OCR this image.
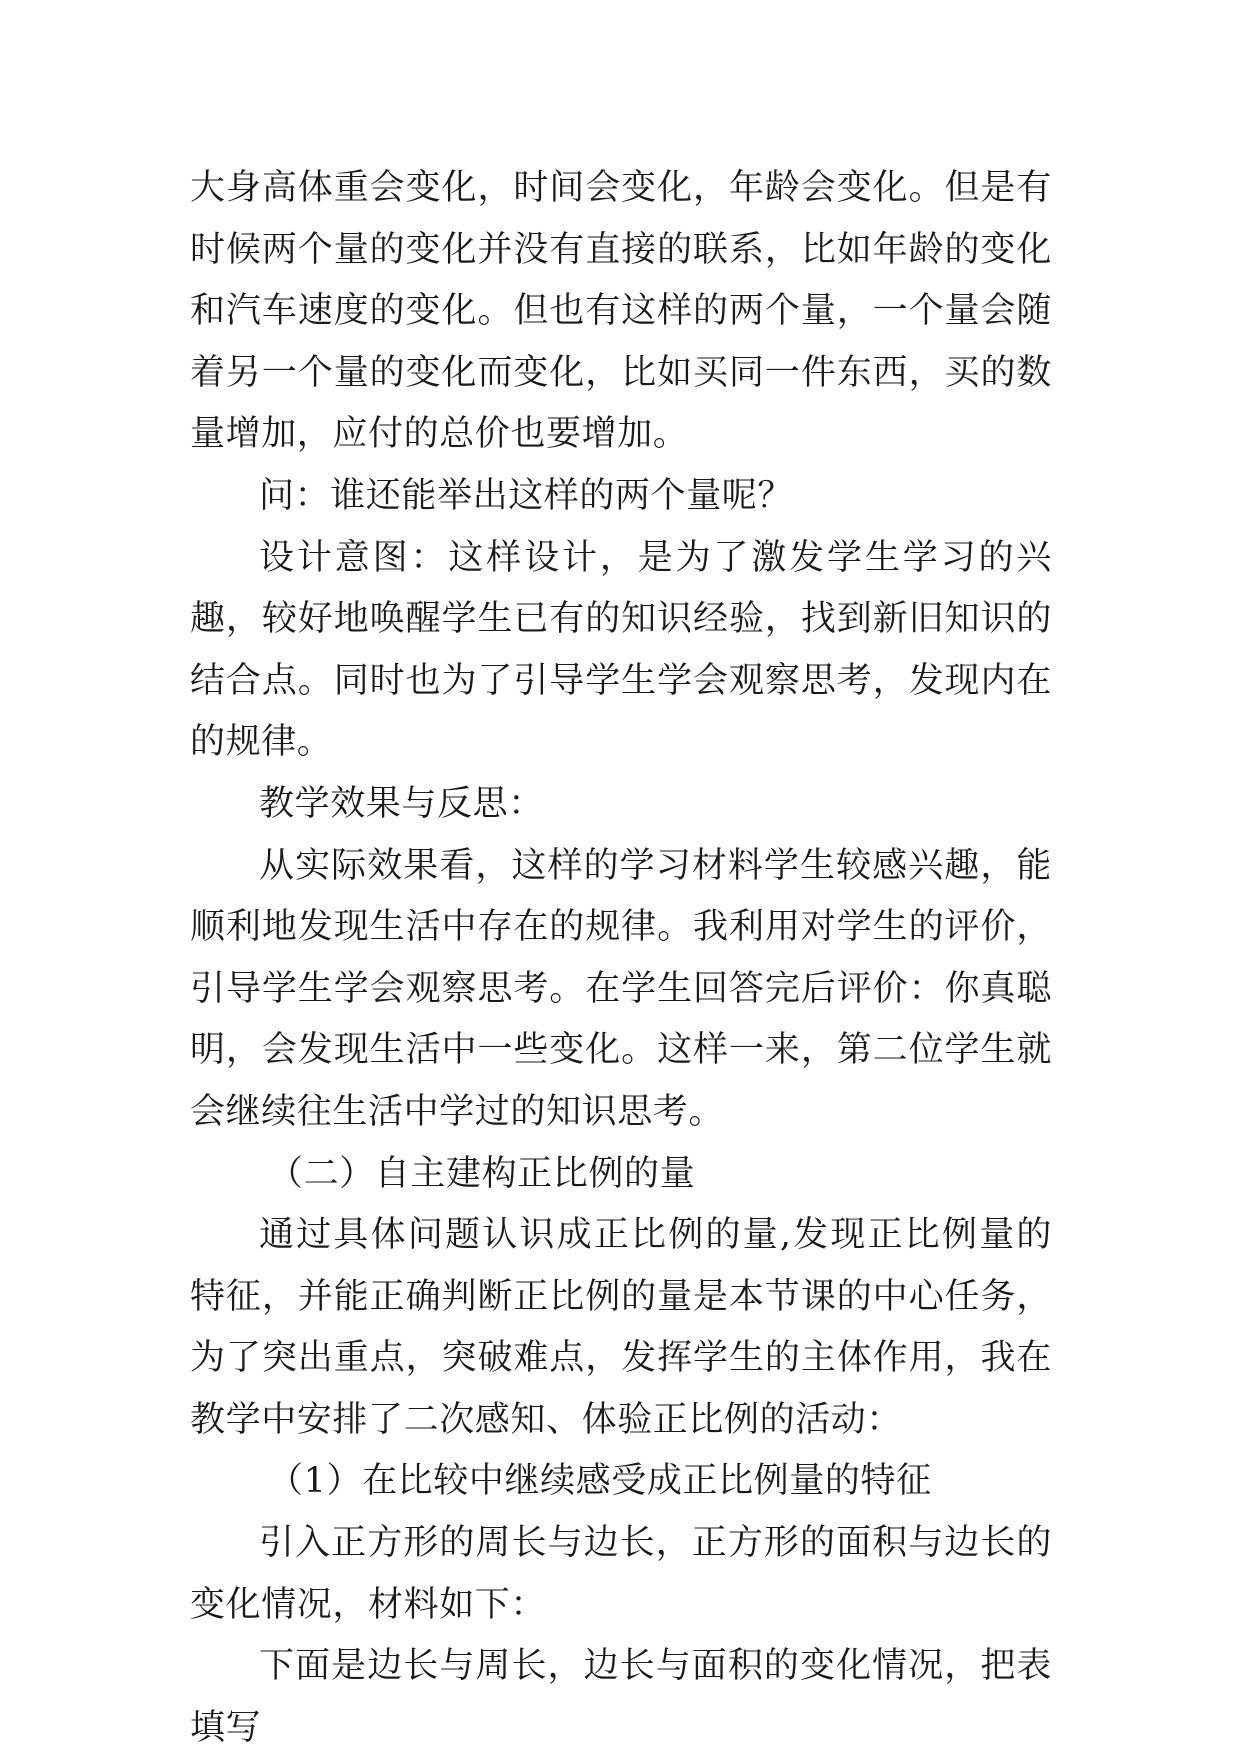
大身高体重会变化，时间会变化，年龄会变化。但是有时候两个量的变化并没有直接的联系，比如年龄的变化和汽车速度的变化。但也有这样的两个量，一个量会随着另一个量的变化而变化，比如买同一件东西，买的数量增加，应付的总价也要增加。

问：谁还能举出这样的两个量呢？

设计意图：这样设计，是为了激发学生学习的兴趣，较好地唤醒学生已有的知识经验，找到新旧知识的结合点。同时也为了引导学生学会观察思考，发现内在的规律。

教学效果与反思：

从实际效果看，这样的学习材料学生较感兴趣，能顺利地发现生活中存在的规律。我利用对学生的评价，引导学生学会观察思考。在学生回答完后评价：你真聪明，会发现生活中一些变化。这样一来，第二位学生就会继续往生活中学过的知识思考。

（二）自主建构正比例的量

通过具体问题认识成正比例的量,发现正比例量的特征，并能正确判断正比例的量是本节课的中心任务，为了突出重点，突破难点，发挥学生的主体作用，我在教学中安排了二次感知、体验正比例的活动：

（1）在比较中继续感受成正比例量的特征

引入正方形的周长与边长，正方形的面积与边长的变化情况，材料如下：

下面是边长与周长，边长与面积的变化情况，把表填写
